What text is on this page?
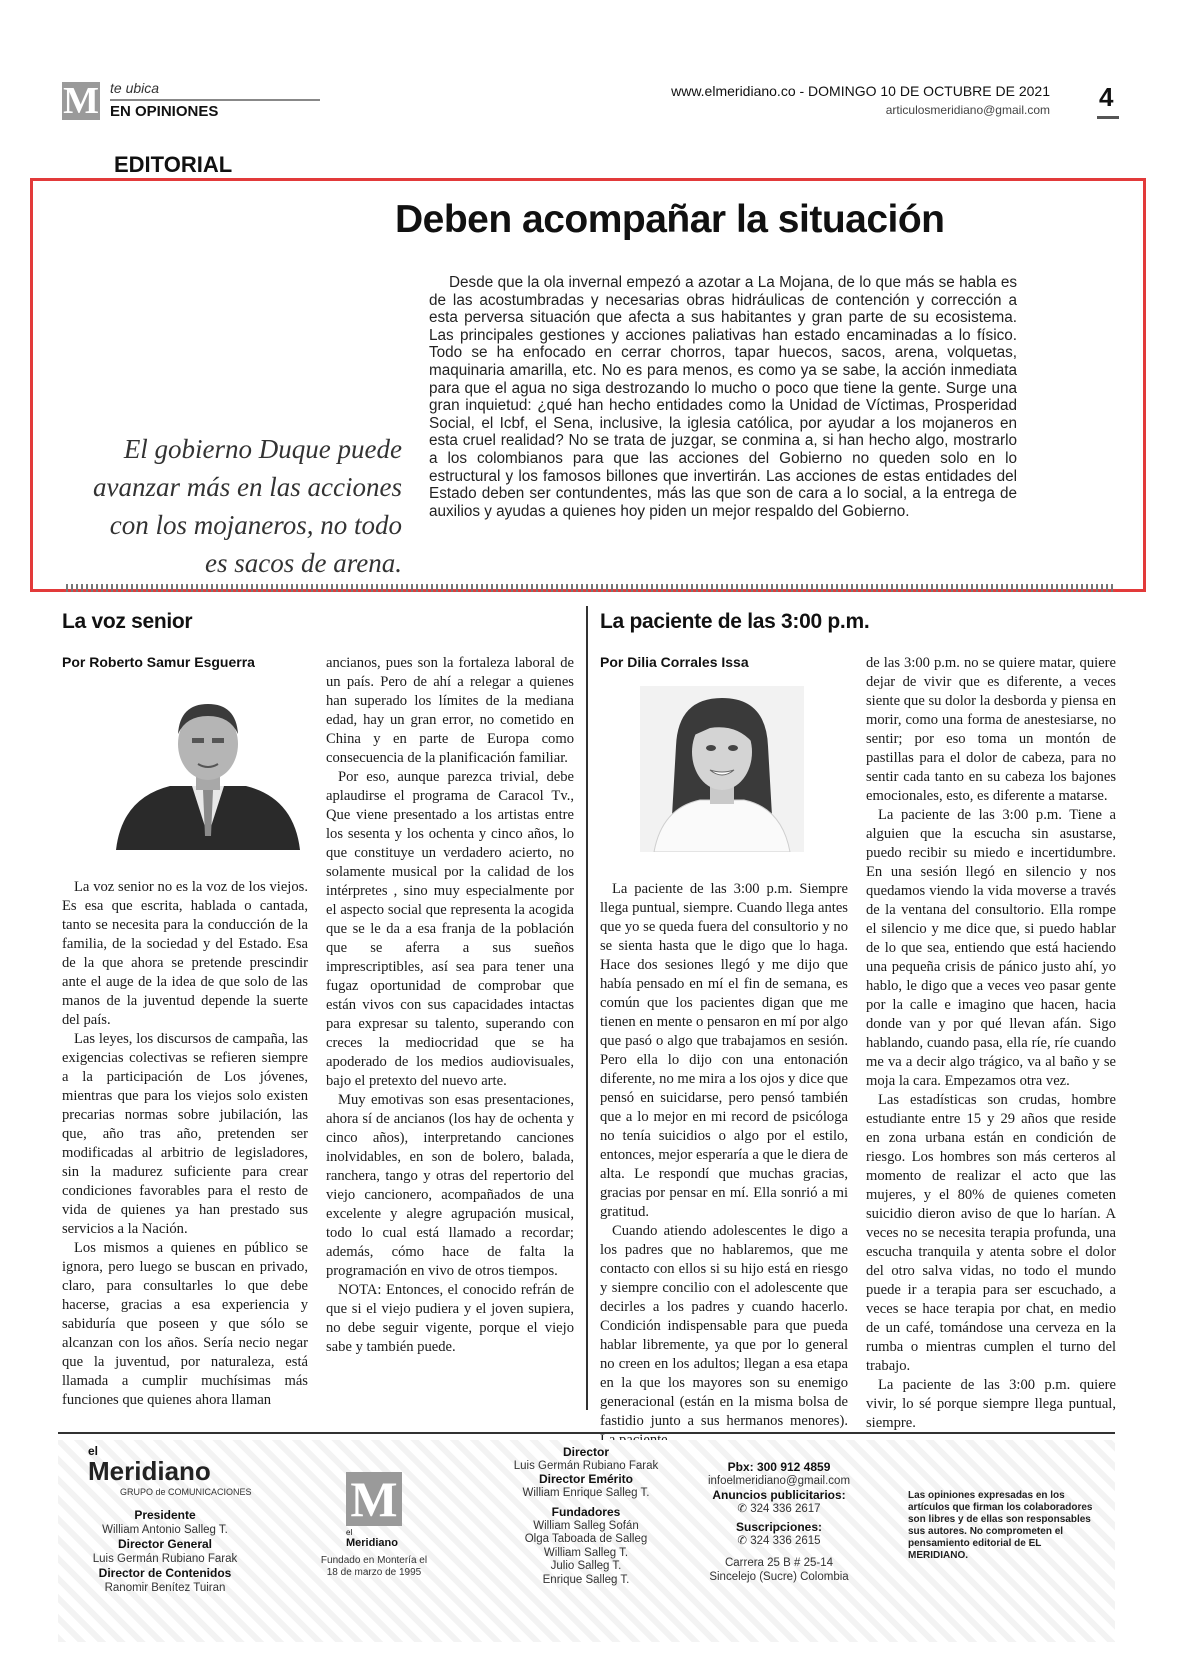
M te ubica
EN OPINIONES
www.elmeridiano.co - DOMINGO 10 DE OCTUBRE DE 2021
articulosmeridiano@gmail.com 4
EDITORIAL
Deben acompañar la situación

Desde que la ola invernal empezó a azotar a La Mojana, de lo que más se habla es de las acostumbradas y necesarias obras hidráulicas de contención y corrección a esta perversa situación que afecta a sus habitantes y gran parte de su ecosistema. Las principales gestiones y acciones paliativas han estado encaminadas a lo físico. Todo se ha enfocado en cerrar chorros, tapar huecos, sacos, arena, volquetas, maquinaria amarilla, etc. No es para menos, es como ya se sabe, la acción inmediata para que el agua no siga destrozando lo mucho o poco que tiene la gente. Surge una gran inquietud: ¿qué han hecho entidades como la Unidad de Víctimas, Prosperidad Social, el Icbf, el Sena, inclusive, la iglesia católica, por ayudar a los mojaneros en esta cruel realidad? No se trata de juzgar, se conmina a, si han hecho algo, mostrarlo a los colombianos para que las acciones del Gobierno no queden solo en lo estructural y los famosos billones que invertirán. Las acciones de estas entidades del Estado deben ser contundentes, más las que son de cara a lo social, a la entrega de auxilios y ayudas a quienes hoy piden un mejor respaldo del Gobierno.

El gobierno Duque puede avanzar más en las acciones con los mojaneros, no todo es sacos de arena.

La voz senior
Por Roberto Samur Esguerra

La voz senior no es la voz de los viejos. Es esa que escrita, hablada o cantada, tanto se necesita para la conducción de la familia, de la sociedad y del Estado. Esa de la que ahora se pretende prescindir ante el auge de la idea de que solo de las manos de la juventud depende la suerte del país.

Las leyes, los discursos de campaña, las exigencias colectivas se refieren siempre a la participación de Los jóvenes, mientras que para los viejos solo existen precarias normas sobre jubilación, las que, año tras año, pretenden ser modificadas al arbitrio de legisladores, sin la madurez suficiente para crear condiciones favorables para el resto de vida de quienes ya han prestado sus servicios a la Nación.

Los mismos a quienes en público se ignora, pero luego se buscan en privado, claro, para consultarles lo que debe hacerse, gracias a esa experiencia y sabiduría que poseen y que sólo se alcanzan con los años. Sería necio negar que la juventud, por naturaleza, está llamada a cumplir muchísimas más funciones que quienes ahora llaman

ancianos, pues son la fortaleza laboral de un país. Pero de ahí a relegar a quienes han superado los límites de la mediana edad, hay un gran error, no cometido en China y en parte de Europa como consecuencia de la planificación familiar.

Por eso, aunque parezca trivial, debe aplaudirse el programa de Caracol Tv., Que viene presentado a los artistas entre los sesenta y los ochenta y cinco años, lo que constituye un verdadero acierto, no solamente musical por la calidad de los intérpretes , sino muy especialmente por el aspecto social que representa la acogida que se le da a esa franja de la población que se aferra a sus sueños imprescriptibles, así sea para tener una fugaz oportunidad de comprobar que están vivos con sus capacidades intactas para expresar su talento, superando con creces la mediocridad que se ha apoderado de los medios audiovisuales, bajo el pretexto del nuevo arte.

Muy emotivas son esas presentaciones, ahora sí de ancianos (los hay de ochenta y cinco años), interpretando canciones inolvidables, en son de bolero, balada, ranchera, tango y otras del repertorio del viejo cancionero, acompañados de una excelente y alegre agrupación musical, todo lo cual está llamado a recordar; además, cómo hace de falta la programación en vivo de otros tiempos.

NOTA: Entonces, el conocido refrán de que si el viejo pudiera y el joven supiera, no debe seguir vigente, porque el viejo sabe y también puede.

La paciente de las 3:00 p.m.
Por Dilia Corrales Issa

La paciente de las 3:00 p.m. Siempre llega puntual, siempre. Cuando llega antes que yo se queda fuera del consultorio y no se sienta hasta que le digo que lo haga. Hace dos sesiones llegó y me dijo que había pensado en mí el fin de semana, es común que los pacientes digan que me tienen en mente o pensaron en mí por algo que pasó o algo que trabajamos en sesión. Pero ella lo dijo con una entonación diferente, no me mira a los ojos y dice que pensó en suicidarse, pero pensó también que a lo mejor en mi record de psicóloga no tenía suicidios o algo por el estilo, entonces, mejor esperaría a que le diera de alta. Le respondí que muchas gracias, gracias por pensar en mí. Ella sonrió a mi gratitud.

Cuando atiendo adolescentes le digo a los padres que no hablaremos, que me contacto con ellos si su hijo está en riesgo y siempre concilio con el adolescente que decirles a los padres y cuando hacerlo. Condición indispensable para que pueda hablar libremente, ya que por lo general no creen en los adultos; llegan a esa etapa en la que los mayores son su enemigo generacional (están en la misma bolsa de fastidio junto a sus hermanos menores).

de las 3:00 p.m. no se quiere matar, quiere dejar de vivir que es diferente, a veces siente que su dolor la desborda y piensa en morir, como una forma de anestesiarse, no sentir; por eso toma un montón de pastillas para el dolor de cabeza, para no sentir cada tanto en su cabeza los bajones emocionales, esto, es diferente a matarse.

La paciente de las 3:00 p.m. Tiene a alguien que la escucha sin asustarse, puedo recibir su miedo e incertidumbre. En una sesión llegó en silencio y nos quedamos viendo la vida moverse a través de la ventana del consultorio. Ella rompe el silencio y me dice que, si puedo hablar de lo que sea, entiendo que está haciendo una pequeña crisis de pánico justo ahí, yo hablo, le digo que a veces veo pasar gente por la calle e imagino que hacen, hacia donde van y por qué llevan afán. Sigo hablando, cuando pasa, ella ríe, ríe cuando me va a decir algo trágico, va al baño y se moja la cara. Empezamos otra vez.

Las estadísticas son crudas, hombre estudiante entre 15 y 29 años que reside en zona urbana están en condición de riesgo. Los hombres son más certeros al momento de realizar el acto que las mujeres, y el 80% de quienes cometen suicidio dieron aviso de que lo harían. A veces no se necesita terapia profunda, una escucha tranquila y atenta sobre el dolor del otro salva vidas, no todo el mundo puede ir a terapia para ser escuchado, a veces se hace terapia por chat, en medio de un café, tomándose una cerveza en la rumba o mientras cumplen el turno del trabajo.

La paciente de las 3:00 p.m. quiere vivir, lo sé porque siempre llega puntual, siempre.

el
Meridiano
GRUPO de COMUNICACIONES
Presidente
William Antonio Salleg T.
Director General
Luis Germán Rubiano Farak
Director de Contenidos
Ranomir Benítez Tuiran
M
el
Meridiano
Fundado en Montería el 18 de marzo de 1995
Director
Luis Germán Rubiano Farak
Director Emérito
William Enrique Salleg T.
Fundadores
William Salleg Sofán
Olga Taboada de Salleg
William Salleg T.
Julio Salleg T.
Enrique Salleg T.
Pbx: 300 912 4859
infoelmeridiano@gmail.com
Anuncios publicitarios:
✆ 324 336 2617
Suscripciones:
✆ 324 336 2615
Carrera 25 B # 25-14
Sincelejo (Sucre) Colombia
Las opiniones expresadas en los artículos que firman los colaboradores son libres y de ellas son responsables sus autores. No comprometen el pensamiento editorial de EL MERIDIANO.
